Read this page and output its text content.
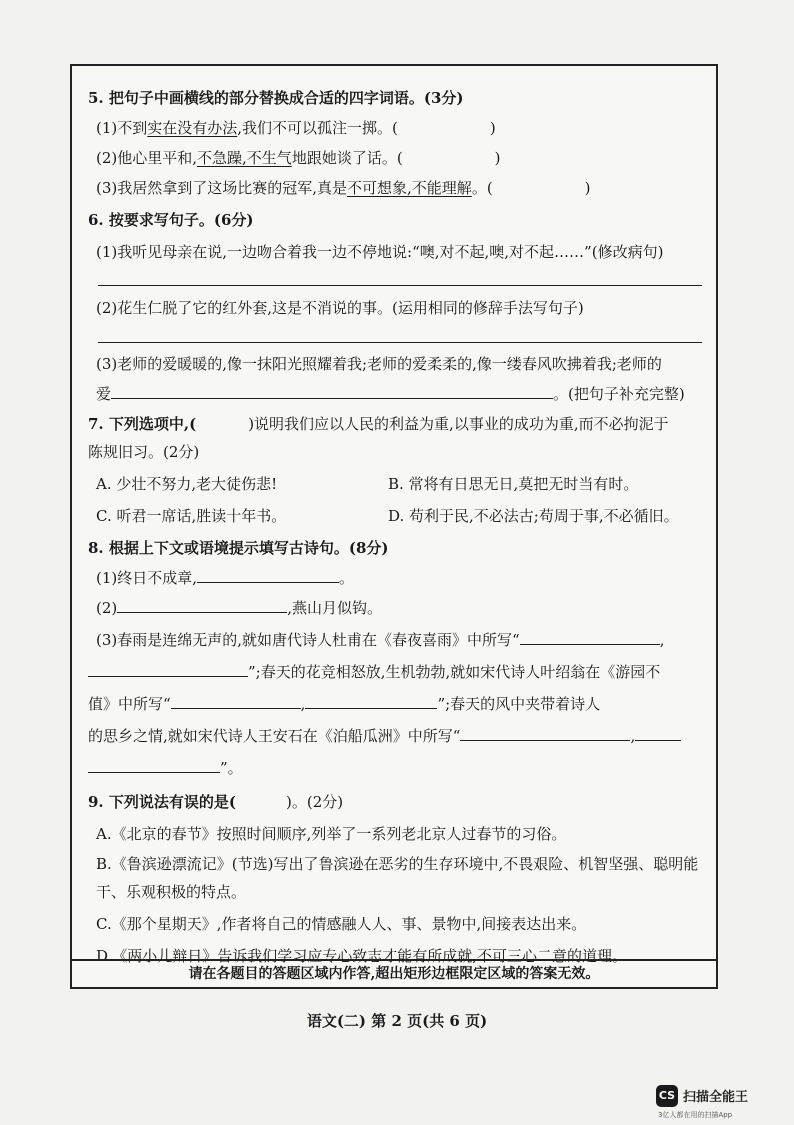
5. 把句子中画横线的部分替换成合适的四字词语。(3分)
(1)不到实在没有办法,我们不可以孤注一掷。(	)
(2)他心里平和,不急躁,不生气地跟她谈了话。(	)
(3)我居然拿到了这场比赛的冠军,真是不可想象,不能理解。(	)
6. 按要求写句子。(6分)
(1)我听见母亲在说,一边吻合着我一边不停地说:“噢,对不起,噢,对不起……”(修改病句)
(2)花生仁脱了它的红外套,这是不消说的事。(运用相同的修辞手法写句子)
(3)老师的爱暖暖的,像一抹阳光照耀着我;老师的爱柔柔的,像一缕春风吹拂着我;老师的
爱	。(把句子补充完整)
7. 下列选项中,(	)说明我们应以人民的利益为重,以事业的成功为重,而不必拘泥于
陈规旧习。(2分)
A. 少壮不努力,老大徒伤悲!	B. 常将有日思无日,莫把无时当有时。
C. 听君一席话,胜读十年书。	D. 苟利于民,不必法古;苟周于事,不必循旧。
8. 根据上下文或语境提示填写古诗句。(8分)
(1)终日不成章,	。
(2)	,燕山月似钩。
(3)春雨是连绵无声的,就如唐代诗人杜甫在《春夜喜雨》中所写“	,
”;春天的花竞相怒放,生机勃勃,就如宋代诗人叶绍翁在《游园不
值》中所写“	,	”;春天的风中夹带着诗人
的思乡之情,就如宋代诗人王安石在《泊船瓜洲》中所写“	,
”。
9. 下列说法有误的是(	)。(2分)
A.《北京的春节》按照时间顺序,列举了一系列老北京人过春节的习俗。
B.《鲁滨逊漂流记》(节选)写出了鲁滨逊在恶劣的生存环境中,不畏艰险、机智坚强、聪明能
干、乐观积极的特点。
C.《那个星期天》,作者将自己的情感融人人、事、景物中,间接表达出来。
D.《两小儿辩日》告诉我们学习应专心致志才能有所成就,不可三心二意的道理。
请在各题目的答题区域内作答,超出矩形边框限定区域的答案无效。
语文(二) 第 2 页(共 6 页)
CS 扫描全能王
3亿人都在用的扫描App
